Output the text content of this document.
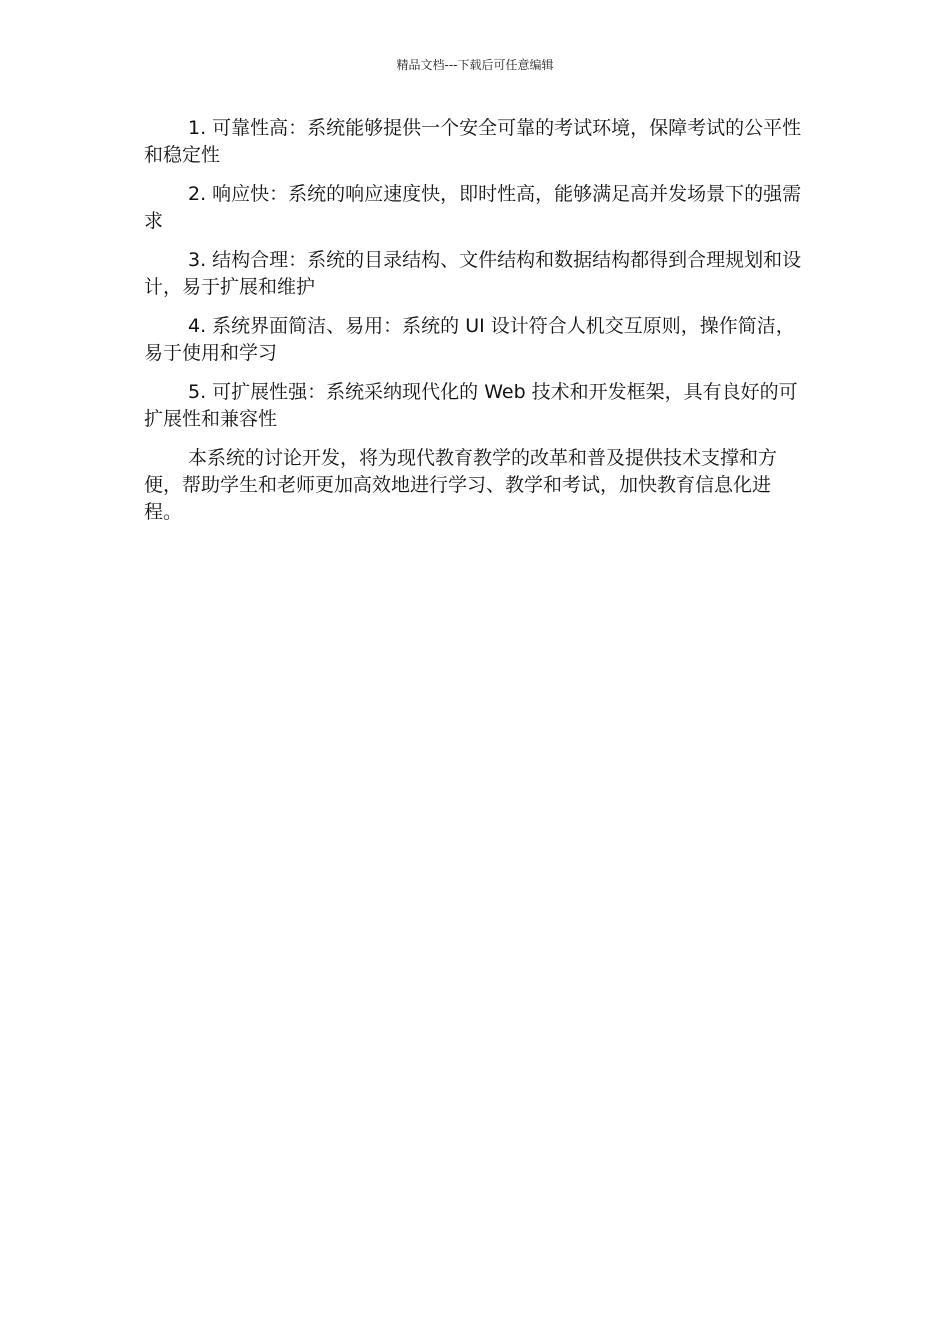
精品文档---下载后可任意编辑

1. 可靠性高：系统能够提供一个安全可靠的考试环境，保障考试的公平性和稳定性

2. 响应快：系统的响应速度快，即时性高，能够满足高并发场景下的强需求

3. 结构合理：系统的目录结构、文件结构和数据结构都得到合理规划和设计，易于扩展和维护

4. 系统界面简洁、易用：系统的 UI 设计符合人机交互原则，操作简洁，易于使用和学习

5. 可扩展性强：系统采纳现代化的 Web 技术和开发框架，具有良好的可扩展性和兼容性

本系统的讨论开发，将为现代教育教学的改革和普及提供技术支撑和方便，帮助学生和老师更加高效地进行学习、教学和考试，加快教育信息化进程。
